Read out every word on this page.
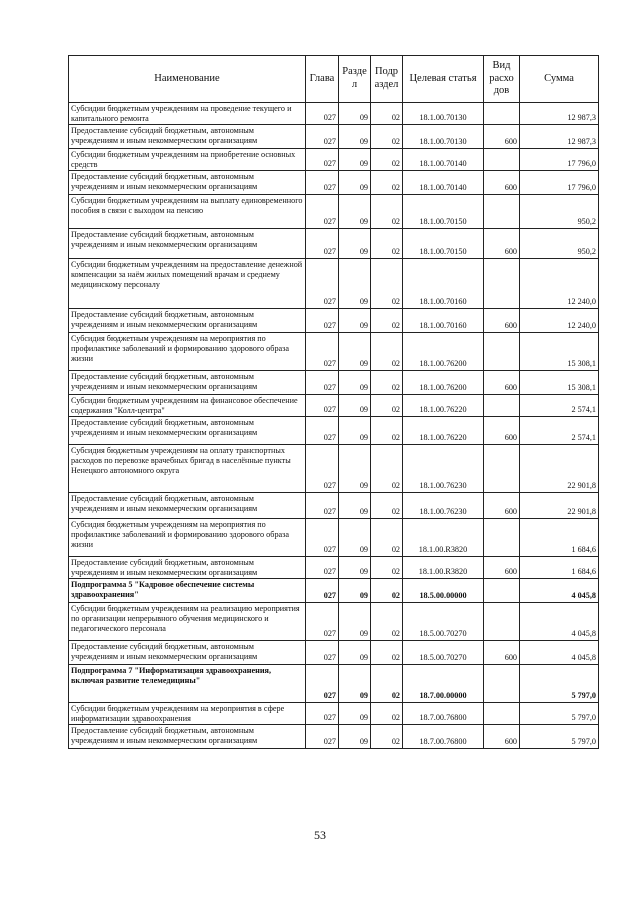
Наименование	Глава	Разде л	Подр аздел	Целевая статья	Вид расхо дов	Сумма
Субсидии бюджетным учреждениям на проведение текущего и капитального ремонта	027	09	02	18.1.00.70130		12 987,3
Предоставление субсидий бюджетным, автономным учреждениям и иным некоммерческим организациям	027	09	02	18.1.00.70130	600	12 987,3
Субсидии бюджетным учреждениям на приобретение основных средств	027	09	02	18.1.00.70140		17 796,0
Предоставление субсидий бюджетным, автономным учреждениям и иным некоммерческим организациям	027	09	02	18.1.00.70140	600	17 796,0
Субсидии бюджетным учреждениям на выплату единовременного пособия в связи с выходом на пенсию	027	09	02	18.1.00.70150		950,2
Предоставление субсидий бюджетным, автономным учреждениям и иным некоммерческим организациям	027	09	02	18.1.00.70150	600	950,2
Субсидии бюджетным учреждениям на предоставление денежной компенсации за наём жилых помещений врачам и среднему медицинскому персоналу	027	09	02	18.1.00.70160		12 240,0
Предоставление субсидий бюджетным, автономным учреждениям и иным некоммерческим организациям	027	09	02	18.1.00.70160	600	12 240,0
Субсидия бюджетным учреждениям на мероприятия по профилактике заболеваний и формированию здорового образа жизни	027	09	02	18.1.00.76200		15 308,1
Предоставление субсидий бюджетным, автономным учреждениям и иным некоммерческим организациям	027	09	02	18.1.00.76200	600	15 308,1
Субсидии бюджетным учреждениям на финансовое обеспечение содержания "Колл-центра"	027	09	02	18.1.00.76220		2 574,1
Предоставление субсидий бюджетным, автономным учреждениям и иным некоммерческим организациям	027	09	02	18.1.00.76220	600	2 574,1
Субсидия бюджетным учреждениям на оплату транспортных расходов по перевозке врачебных бригад в населённые пункты Ненецкого автономного округа	027	09	02	18.1.00.76230		22 901,8
Предоставление субсидий бюджетным, автономным учреждениям и иным некоммерческим организациям	027	09	02	18.1.00.76230	600	22 901,8
Субсидия бюджетным учреждениям на мероприятия по профилактике заболеваний и формированию здорового образа жизни	027	09	02	18.1.00.R3820		1 684,6
Предоставление субсидий бюджетным, автономным учреждениям и иным некоммерческим организациям	027	09	02	18.1.00.R3820	600	1 684,6
Подпрограмма 5 "Кадровое обеспечение системы здравоохранения"	027	09	02	18.5.00.00000		4 045,8
Субсидии бюджетным учреждениям на реализацию мероприятия по организации непрерывного обучения медицинского и педагогического персонала	027	09	02	18.5.00.70270		4 045,8
Предоставление субсидий бюджетным, автономным учреждениям и иным некоммерческим организациям	027	09	02	18.5.00.70270	600	4 045,8
Подпрограмма 7 "Информатизация здравоохранения, включая развитие телемедицины"	027	09	02	18.7.00.00000		5 797,0
Субсидии бюджетным учреждениям на мероприятия в сфере информатизации здравоохранения	027	09	02	18.7.00.76800		5 797,0
Предоставление субсидий бюджетным, автономным учреждениям и иным некоммерческим организациям	027	09	02	18.7.00.76800	600	5 797,0
53
